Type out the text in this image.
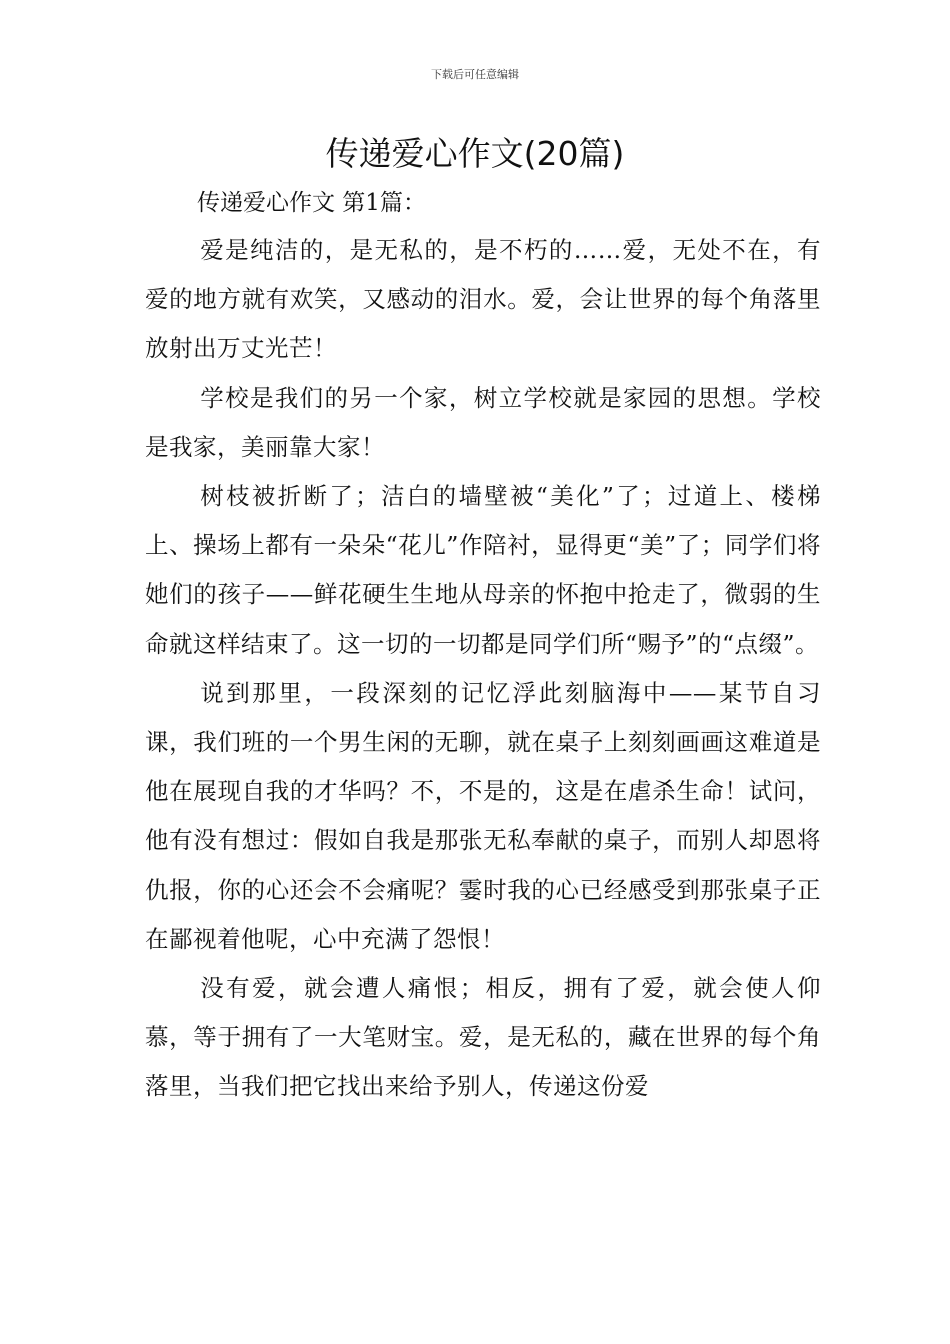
下载后可任意编辑
传递爱心作文(20篇)
传递爱心作文 第1篇：

爱是纯洁的，是无私的，是不朽的……爱，无处不在，有爱的地方就有欢笑，又感动的泪水。爱，会让世界的每个角落里放射出万丈光芒！

学校是我们的另一个家，树立学校就是家园的思想。学校是我家，美丽靠大家！

树枝被折断了；洁白的墙壁被“美化”了；过道上、楼梯上、操场上都有一朵朵“花儿”作陪衬，显得更“美”了；同学们将她们的孩子——鲜花硬生生地从母亲的怀抱中抢走了，微弱的生命就这样结束了。这一切的一切都是同学们所“赐予”的“点缀”。

说到那里，一段深刻的记忆浮此刻脑海中——某节自习课，我们班的一个男生闲的无聊，就在桌子上刻刻画画这难道是他在展现自我的才华吗？不，不是的，这是在虐杀生命！试问，他有没有想过：假如自我是那张无私奉献的桌子，而别人却恩将仇报，你的心还会不会痛呢？霎时我的心已经感受到那张桌子正在鄙视着他呢，心中充满了怨恨！

没有爱，就会遭人痛恨；相反，拥有了爱，就会使人仰慕，等于拥有了一大笔财宝。爱，是无私的，藏在世界的每个角落里，当我们把它找出来给予别人，传递这份爱
